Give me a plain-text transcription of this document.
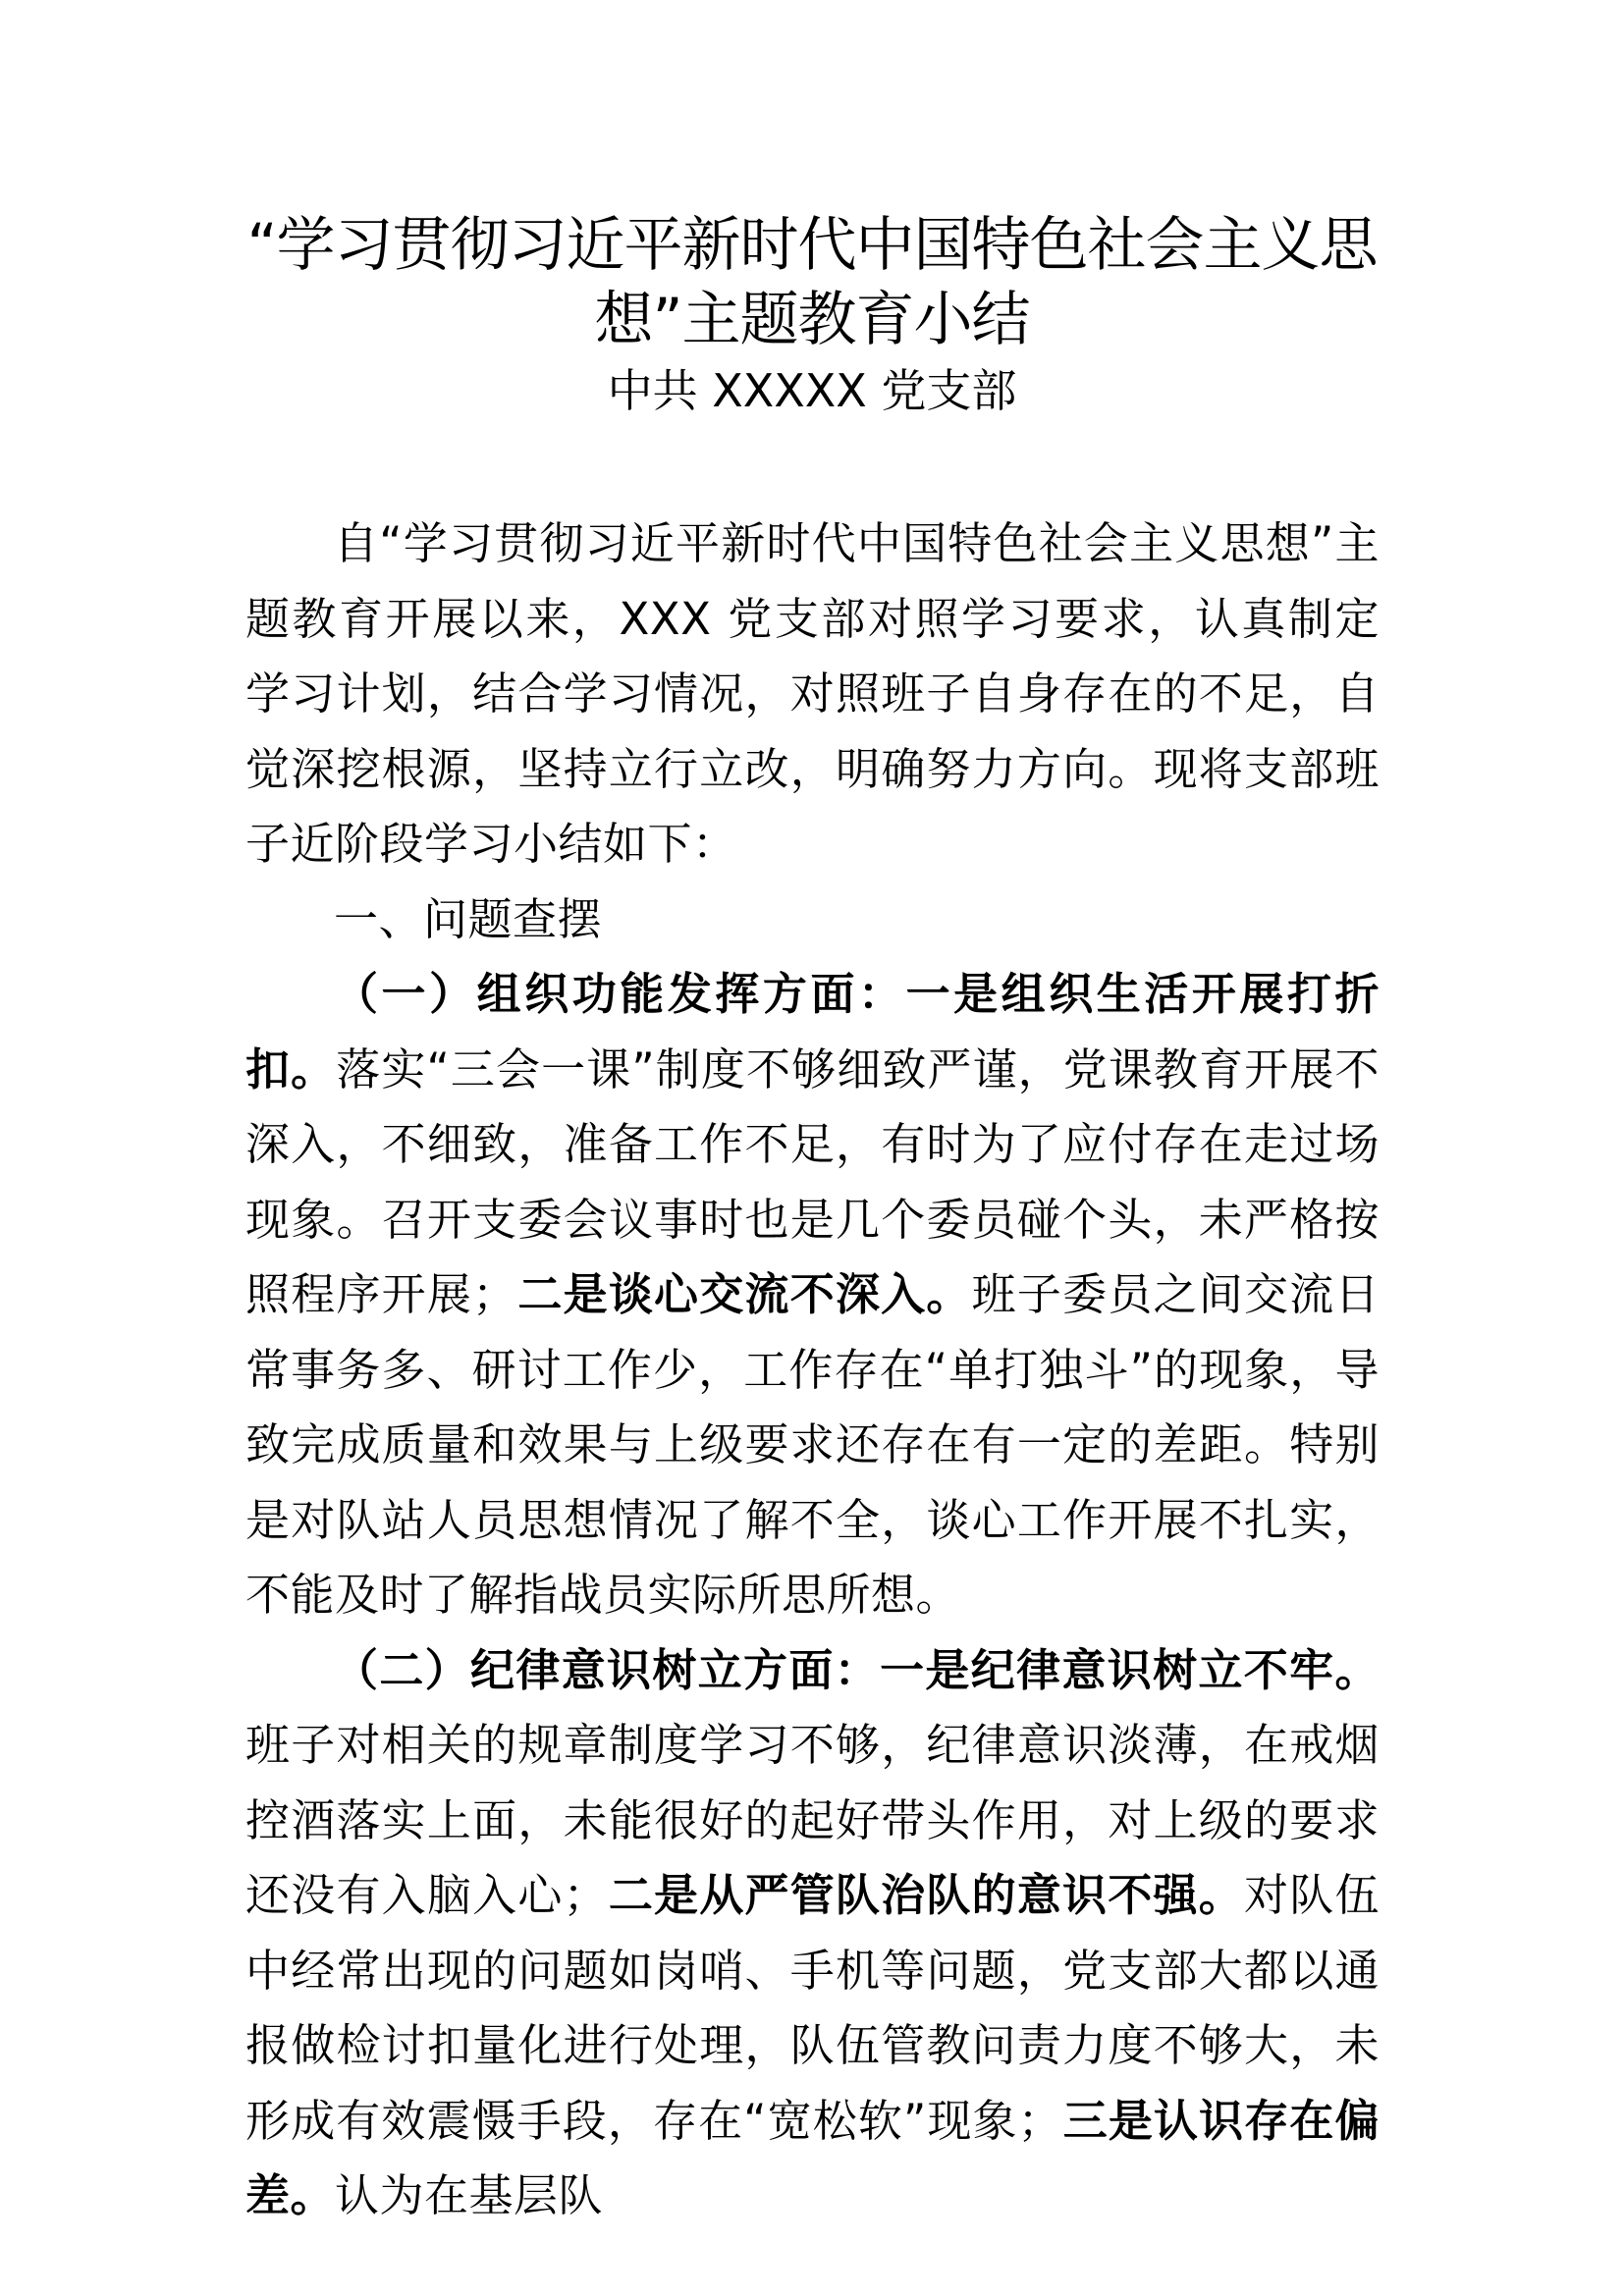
“学习贯彻习近平新时代中国特色社会主义思
想”主题教育小结
中共 XXXXX 党支部

自“学习贯彻习近平新时代中国特色社会主义思想”主题教育开展以来，XXX 党支部对照学习要求，认真制定学习计划，结合学习情况，对照班子自身存在的不足，自觉深挖根源，坚持立行立改，明确努力方向。现将支部班子近阶段学习小结如下：

一、问题查摆

（一）组织功能发挥方面：一是组织生活开展打折扣。落实“三会一课”制度不够细致严谨，党课教育开展不深入，不细致，准备工作不足，有时为了应付存在走过场现象。召开支委会议事时也是几个委员碰个头，未严格按照程序开展；二是谈心交流不深入。班子委员之间交流日常事务多、研讨工作少，工作存在“单打独斗”的现象，导致完成质量和效果与上级要求还存在有一定的差距。特别是对队站人员思想情况了解不全，谈心工作开展不扎实，不能及时了解指战员实际所思所想。

（二）纪律意识树立方面：一是纪律意识树立不牢。班子对相关的规章制度学习不够，纪律意识淡薄，在戒烟控酒落实上面，未能很好的起好带头作用，对上级的要求还没有入脑入心；二是从严管队治队的意识不强。对队伍中经常出现的问题如岗哨、手机等问题，党支部大都以通报做检讨扣量化进行处理，队伍管教问责力度不够大，未形成有效震慑手段，存在“宽松软”现象；三是认识存在偏差。认为在基层队
